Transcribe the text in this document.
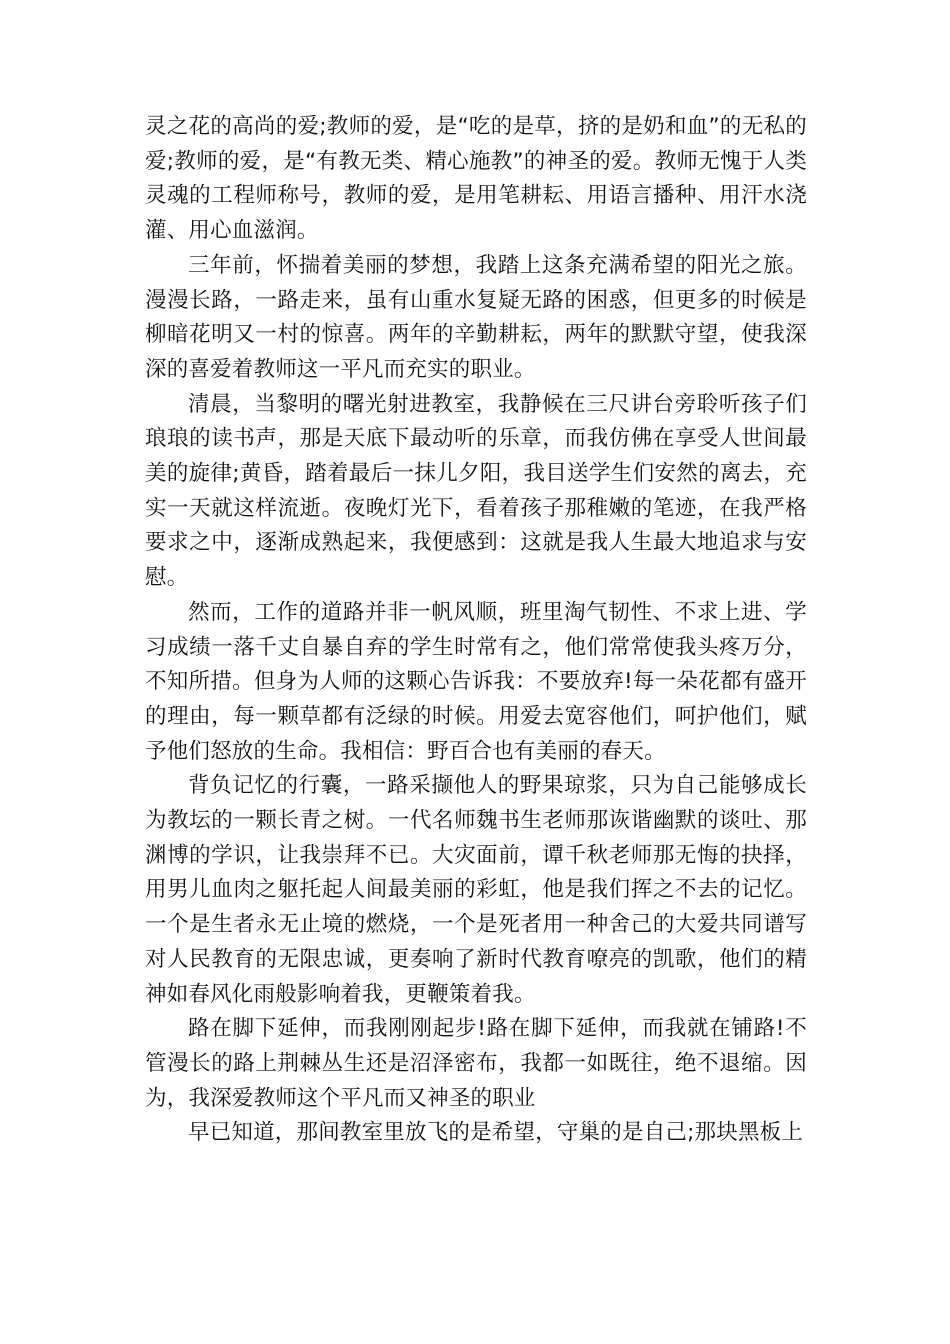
灵之花的高尚的爱;教师的爱，是“吃的是草，挤的是奶和血”的无私的爱;教师的爱，是“有教无类、精心施教”的神圣的爱。教师无愧于人类灵魂的工程师称号，教师的爱，是用笔耕耘、用语言播种、用汗水浇灌、用心血滋润。

三年前，怀揣着美丽的梦想，我踏上这条充满希望的阳光之旅。漫漫长路，一路走来，虽有山重水复疑无路的困惑，但更多的时候是柳暗花明又一村的惊喜。两年的辛勤耕耘，两年的默默守望，使我深深的喜爱着教师这一平凡而充实的职业。

清晨，当黎明的曙光射进教室，我静候在三尺讲台旁聆听孩子们琅琅的读书声，那是天底下最动听的乐章，而我仿佛在享受人世间最美的旋律;黄昏，踏着最后一抹儿夕阳，我目送学生们安然的离去，充实一天就这样流逝。夜晚灯光下，看着孩子那稚嫩的笔迹，在我严格要求之中，逐渐成熟起来，我便感到：这就是我人生最大地追求与安慰。

然而，工作的道路并非一帆风顺，班里淘气韧性、不求上进、学习成绩一落千丈自暴自弃的学生时常有之，他们常常使我头疼万分，不知所措。但身为人师的这颗心告诉我：不要放弃!每一朵花都有盛开的理由，每一颗草都有泛绿的时候。用爱去宽容他们，呵护他们，赋予他们怒放的生命。我相信：野百合也有美丽的春天。

背负记忆的行囊，一路采撷他人的野果琼浆，只为自己能够成长为教坛的一颗长青之树。一代名师魏书生老师那诙谐幽默的谈吐、那渊博的学识，让我崇拜不已。大灾面前，谭千秋老师那无悔的抉择，用男儿血肉之躯托起人间最美丽的彩虹，他是我们挥之不去的记忆。一个是生者永无止境的燃烧，一个是死者用一种舍己的大爱共同谱写对人民教育的无限忠诚，更奏响了新时代教育嘹亮的凯歌，他们的精神如春风化雨般影响着我，更鞭策着我。

路在脚下延伸，而我刚刚起步!路在脚下延伸，而我就在铺路!不管漫长的路上荆棘丛生还是沼泽密布，我都一如既往，绝不退缩。因为，我深爱教师这个平凡而又神圣的职业

早已知道，那间教室里放飞的是希望，守巢的是自己;那块黑板上
